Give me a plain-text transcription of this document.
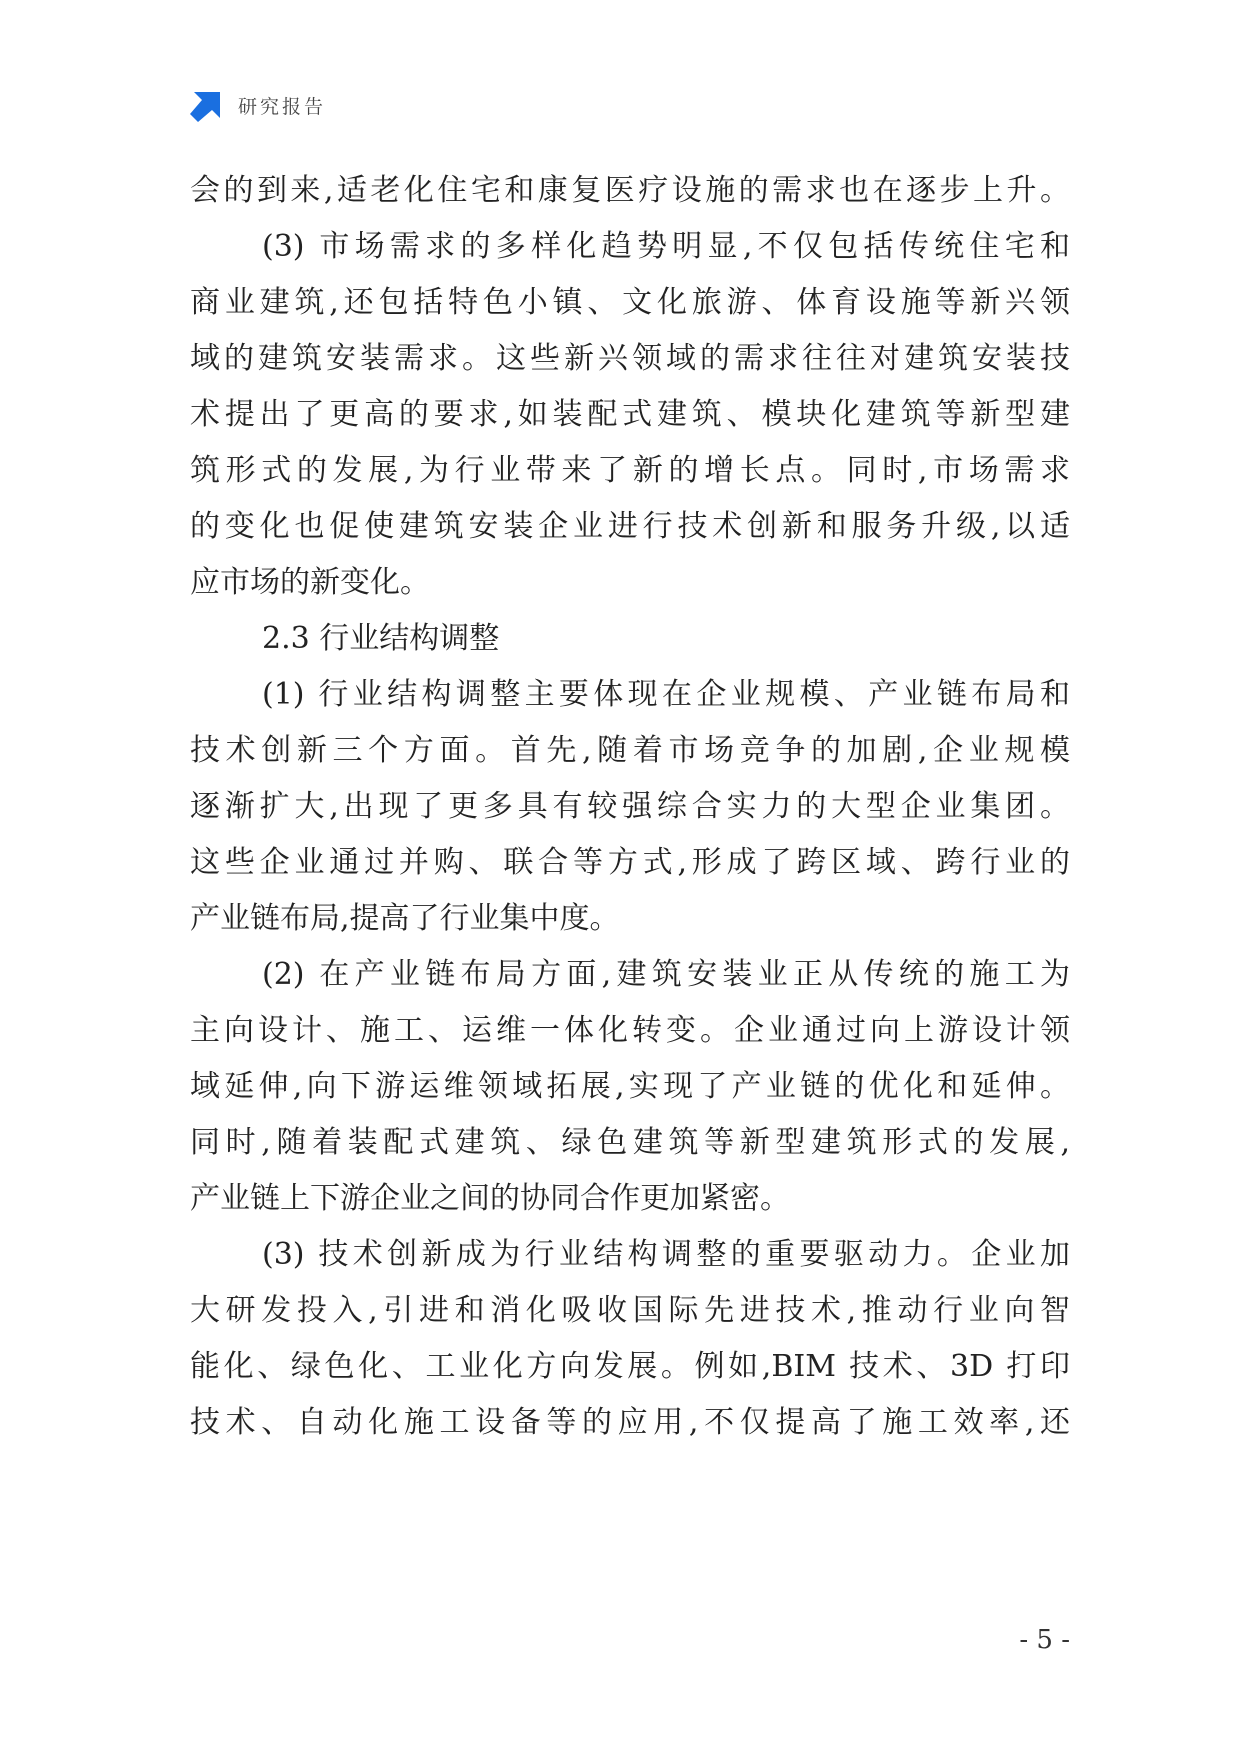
研究报告
会的到来,适老化住宅和康复医疗设施的需求也在逐步上升。
(3) 市场需求的多样化趋势明显,不仅包括传统住宅和
商业建筑,还包括特色小镇、文化旅游、体育设施等新兴领
域的建筑安装需求。这些新兴领域的需求往往对建筑安装技
术提出了更高的要求,如装配式建筑、模块化建筑等新型建
筑形式的发展,为行业带来了新的增长点。同时,市场需求
的变化也促使建筑安装企业进行技术创新和服务升级,以适
应市场的新变化。
2.3 行业结构调整
(1) 行业结构调整主要体现在企业规模、产业链布局和
技术创新三个方面。首先,随着市场竞争的加剧,企业规模
逐渐扩大,出现了更多具有较强综合实力的大型企业集团。
这些企业通过并购、联合等方式,形成了跨区域、跨行业的
产业链布局,提高了行业集中度。
(2) 在产业链布局方面,建筑安装业正从传统的施工为
主向设计、施工、运维一体化转变。企业通过向上游设计领
域延伸,向下游运维领域拓展,实现了产业链的优化和延伸。
同时,随着装配式建筑、绿色建筑等新型建筑形式的发展,
产业链上下游企业之间的协同合作更加紧密。
(3) 技术创新成为行业结构调整的重要驱动力。企业加
大研发投入,引进和消化吸收国际先进技术,推动行业向智
能化、绿色化、工业化方向发展。例如,BIM 技术、3D 打印
技术、自动化施工设备等的应用,不仅提高了施工效率,还
- 5 -
